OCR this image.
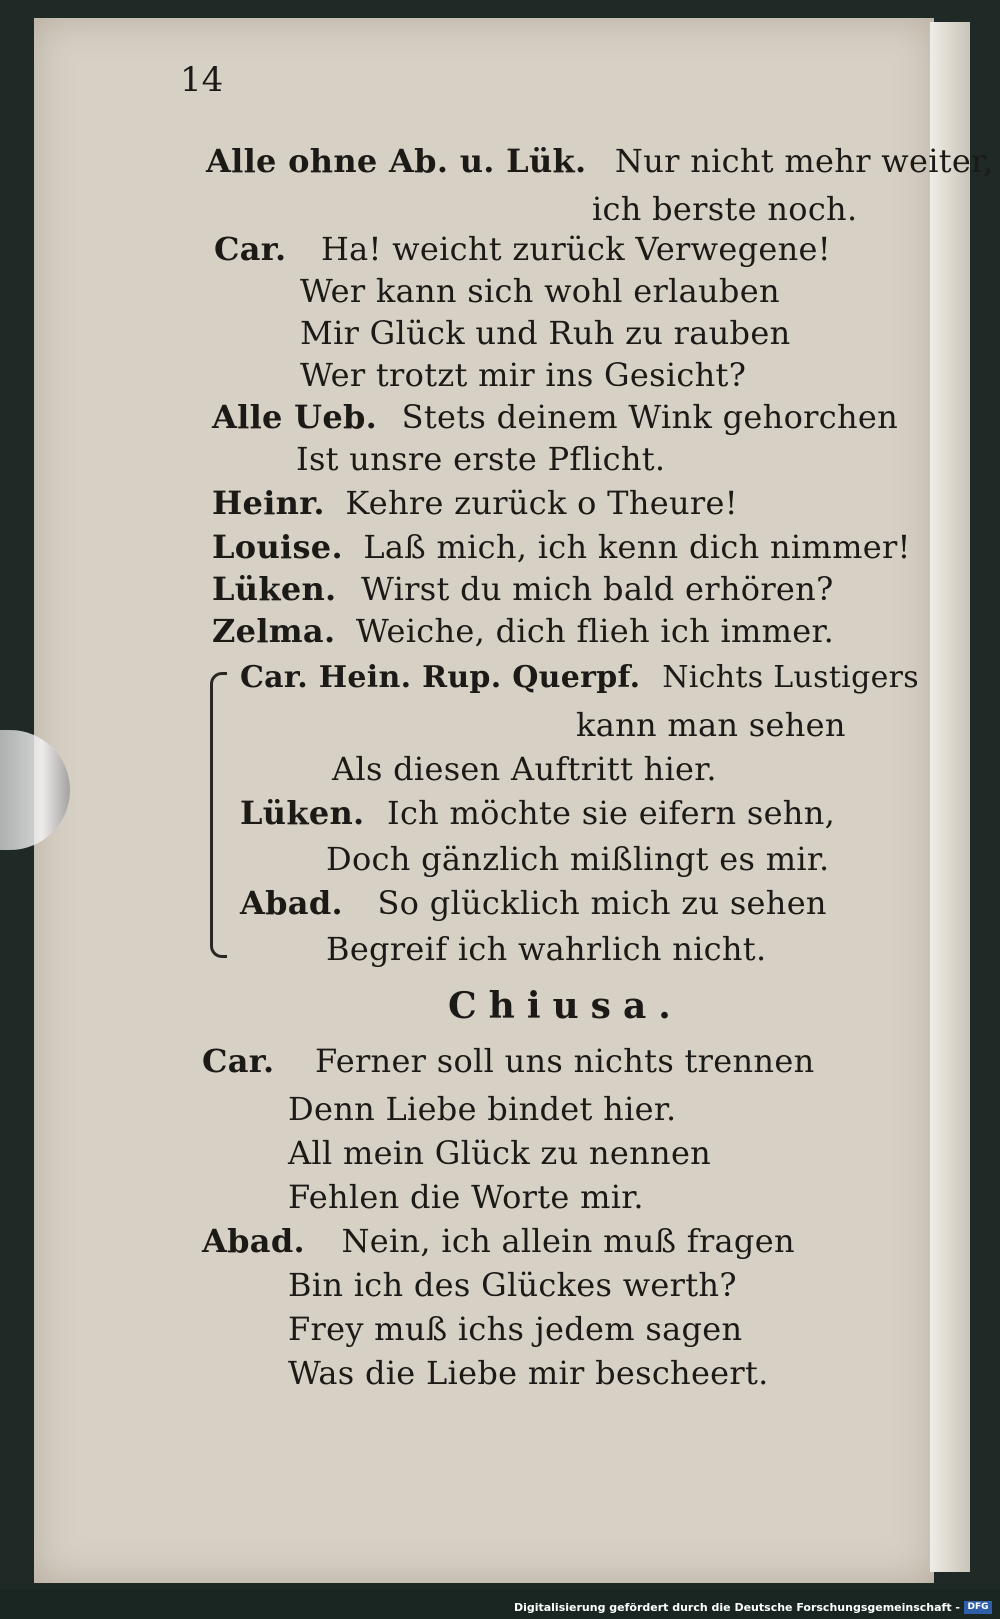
14
Alle ohne Ab. u. Lük. Nur nicht mehr weiter,
ich berste noch.
Car. Ha! weicht zurück Verwegene!
Wer kann sich wohl erlauben
Mir Glück und Ruh zu rauben
Wer trotzt mir ins Gesicht?
Alle Ueb. Stets deinem Wink gehorchen
Ist unsre erste Pflicht.
Heinr. Kehre zurück o Theure!
Louise. Laß mich, ich kenn dich nimmer!
Lüken. Wirst du mich bald erhören?
Zelma. Weiche, dich flieh ich immer.
Car. Hein. Rup. Querpf. Nichts Lustigers
kann man sehen
Als diesen Auftritt hier.
Lüken. Ich möchte sie eifern sehn,
Doch gänzlich mißlingt es mir.
Abad. So glücklich mich zu sehen
Begreif ich wahrlich nicht.
Chiusa.
Car. Ferner soll uns nichts trennen
Denn Liebe bindet hier.
All mein Glück zu nennen
Fehlen die Worte mir.
Abad. Nein, ich allein muß fragen
Bin ich des Glückes werth?
Frey muß ichs jedem sagen
Was die Liebe mir bescheert.
Digitalisierung gefördert durch die Deutsche Forschungsgemeinschaft - DFG
